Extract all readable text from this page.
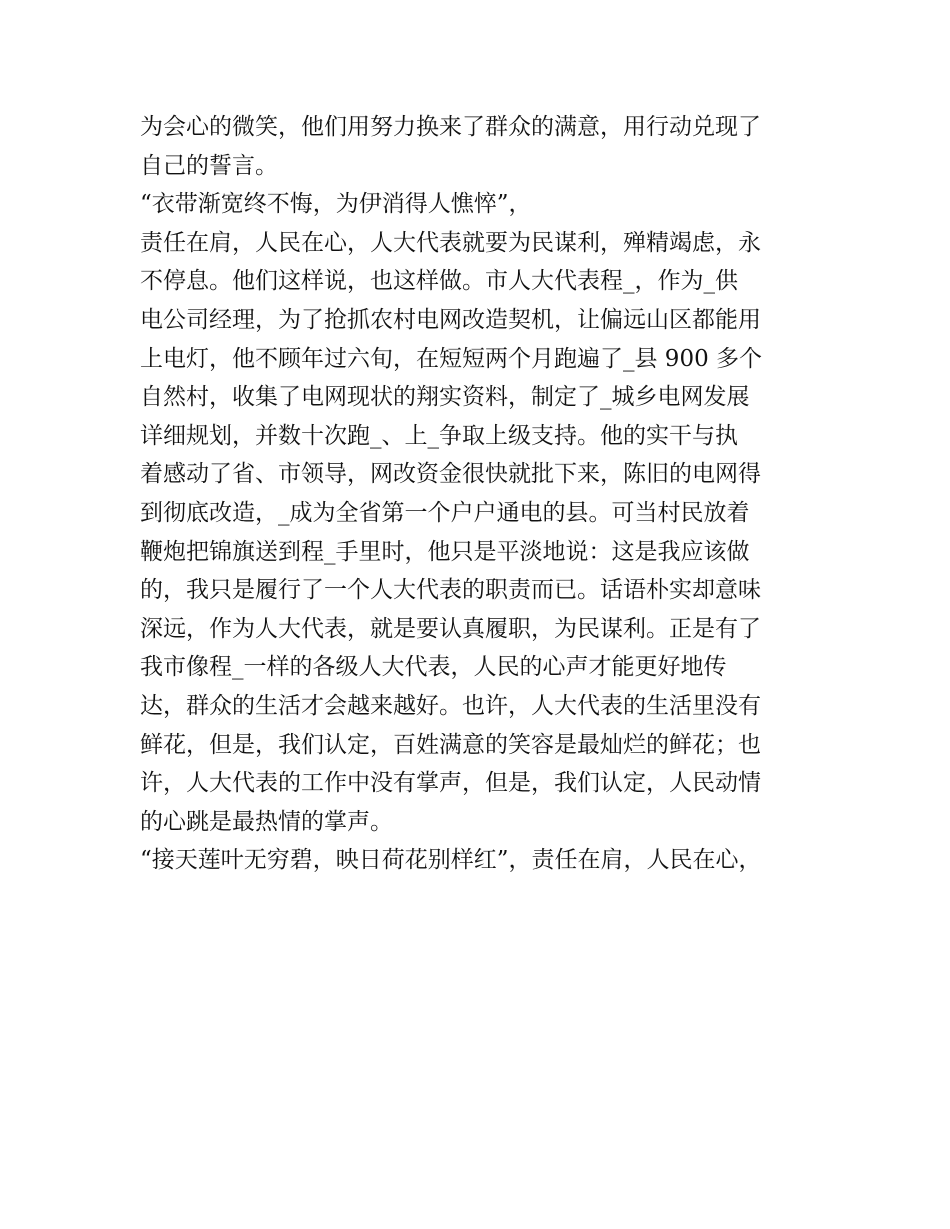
为会心的微笑，他们用努力换来了群众的满意，用行动兑现了
自己的誓言。
“衣带渐宽终不悔，为伊消得人憔悴”，
责任在肩，人民在心，人大代表就要为民谋利，殚精竭虑，永
不停息。他们这样说，也这样做。市人大代表程_，作为_供
电公司经理，为了抢抓农村电网改造契机，让偏远山区都能用
上电灯，他不顾年过六旬，在短短两个月跑遍了_县 900 多个
自然村，收集了电网现状的翔实资料，制定了_城乡电网发展
详细规划，并数十次跑_、上_争取上级支持。他的实干与执
着感动了省、市领导，网改资金很快就批下来，陈旧的电网得
到彻底改造，_成为全省第一个户户通电的县。可当村民放着
鞭炮把锦旗送到程_手里时，他只是平淡地说：这是我应该做
的，我只是履行了一个人大代表的职责而已。话语朴实却意味
深远，作为人大代表，就是要认真履职，为民谋利。正是有了
我市像程_一样的各级人大代表，人民的心声才能更好地传
达，群众的生活才会越来越好。也许，人大代表的生活里没有
鲜花，但是，我们认定，百姓满意的笑容是最灿烂的鲜花；也
许，人大代表的工作中没有掌声，但是，我们认定，人民动情
的心跳是最热情的掌声。
“接天莲叶无穷碧，映日荷花别样红”，责任在肩，人民在心，
